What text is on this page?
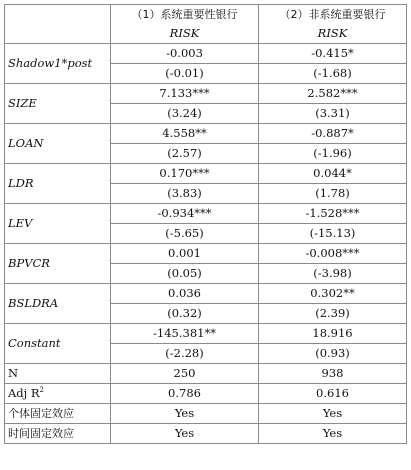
	（1）系统重要性银行	（2）非系统重要银行
	RISK	RISK
Shadow1*post	-0.003	-0.415*
	(-0.01)	(-1.68)
SIZE	7.133***	2.582***
	(3.24)	(3.31)
LOAN	4.558**	-0.887*
	(2.57)	(-1.96)
LDR	0.170***	0.044*
	(3.83)	(1.78)
LEV	-0.934***	-1.528***
	(-5.65)	(-15.13)
BPVCR	0.001	-0.008***
	(0.05)	(-3.98)
BSLDRA	0.036	0.302**
	(0.32)	(2.39)
Constant	-145.381**	18.916
	(-2.28)	(0.93)
N	250	938
Adj $R^2$	0.786	0.616
个体固定效应	Yes	Yes
时间固定效应	Yes	Yes
